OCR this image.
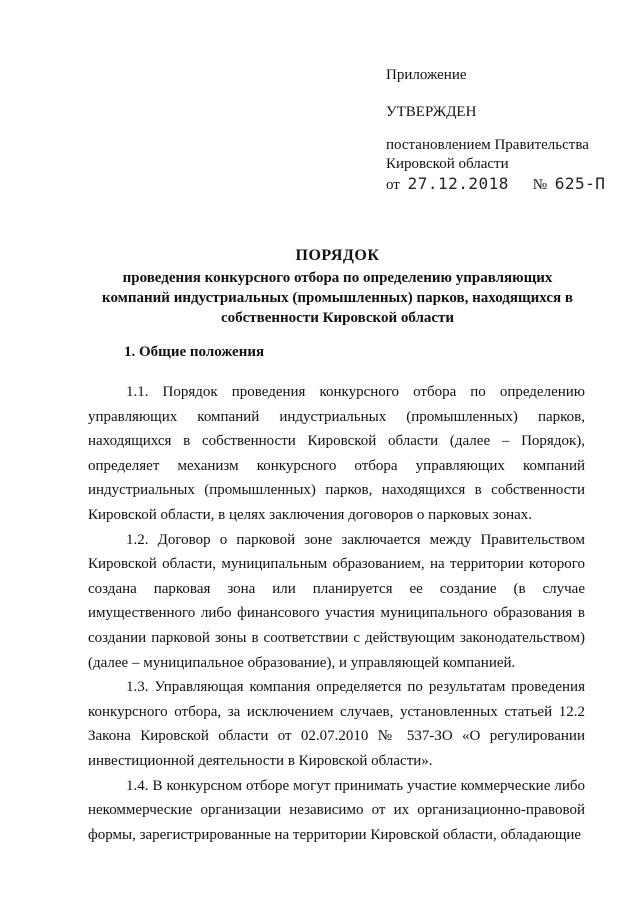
Приложение
УТВЕРЖДЕН
постановлением Правительства
Кировской области
от 27.12.2018 № 625-П
ПОРЯДОК
проведения конкурсного отбора по определению управляющих
компаний индустриальных (промышленных) парков, находящихся в
собственности Кировской области
1. Общие положения

1.1. Порядок проведения конкурсного отбора по определению управляющих компаний индустриальных (промышленных) парков, находящихся в собственности Кировской области (далее – Порядок), определяет механизм конкурсного отбора управляющих компаний индустриальных (промышленных) парков, находящихся в собственности Кировской области, в целях заключения договоров о парковых зонах.

1.2. Договор о парковой зоне заключается между Правительством Кировской области, муниципальным образованием, на территории которого создана парковая зона или планируется ее создание (в случае имущественного либо финансового участия муниципального образования в создании парковой зоны в соответствии с действующим законодательством) (далее – муниципальное образование), и управляющей компанией.

1.3. Управляющая компания определяется по результатам проведения конкурсного отбора, за исключением случаев, установленных статьей 12.2 Закона Кировской области от 02.07.2010 № 537-ЗО «О регулировании инвестиционной деятельности в Кировской области».

1.4. В конкурсном отборе могут принимать участие коммерческие либо некоммерческие организации независимо от их организационно-правовой формы, зарегистрированные на территории Кировской области, обладающие
